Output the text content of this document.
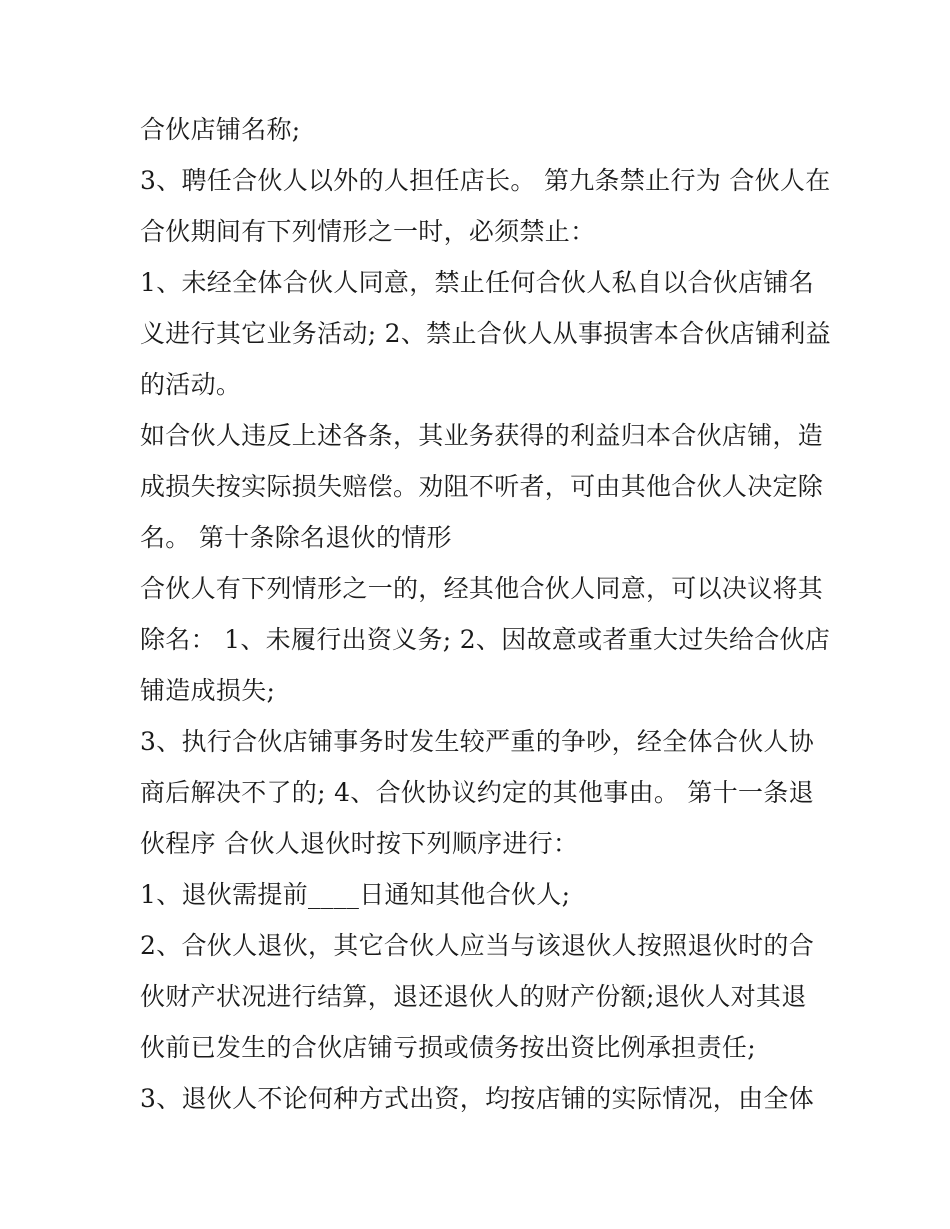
合伙店铺名称;
3、聘任合伙人以外的人担任店长。 第九条禁止行为 合伙人在
合伙期间有下列情形之一时，必须禁止：
1、未经全体合伙人同意，禁止任何合伙人私自以合伙店铺名
义进行其它业务活动; 2、禁止合伙人从事损害本合伙店铺利益
的活动。
如合伙人违反上述各条，其业务获得的利益归本合伙店铺，造
成损失按实际损失赔偿。劝阻不听者，可由其他合伙人决定除
名。 第十条除名退伙的情形
合伙人有下列情形之一的，经其他合伙人同意，可以决议将其
除名： 1、未履行出资义务; 2、因故意或者重大过失给合伙店
铺造成损失;
3、执行合伙店铺事务时发生较严重的争吵，经全体合伙人协
商后解决不了的; 4、合伙协议约定的其他事由。 第十一条退
伙程序 合伙人退伙时按下列顺序进行：
1、退伙需提前____日通知其他合伙人;
2、合伙人退伙，其它合伙人应当与该退伙人按照退伙时的合
伙财产状况进行结算，退还退伙人的财产份额;退伙人对其退
伙前已发生的合伙店铺亏损或债务按出资比例承担责任;
3、退伙人不论何种方式出资，均按店铺的实际情况，由全体
